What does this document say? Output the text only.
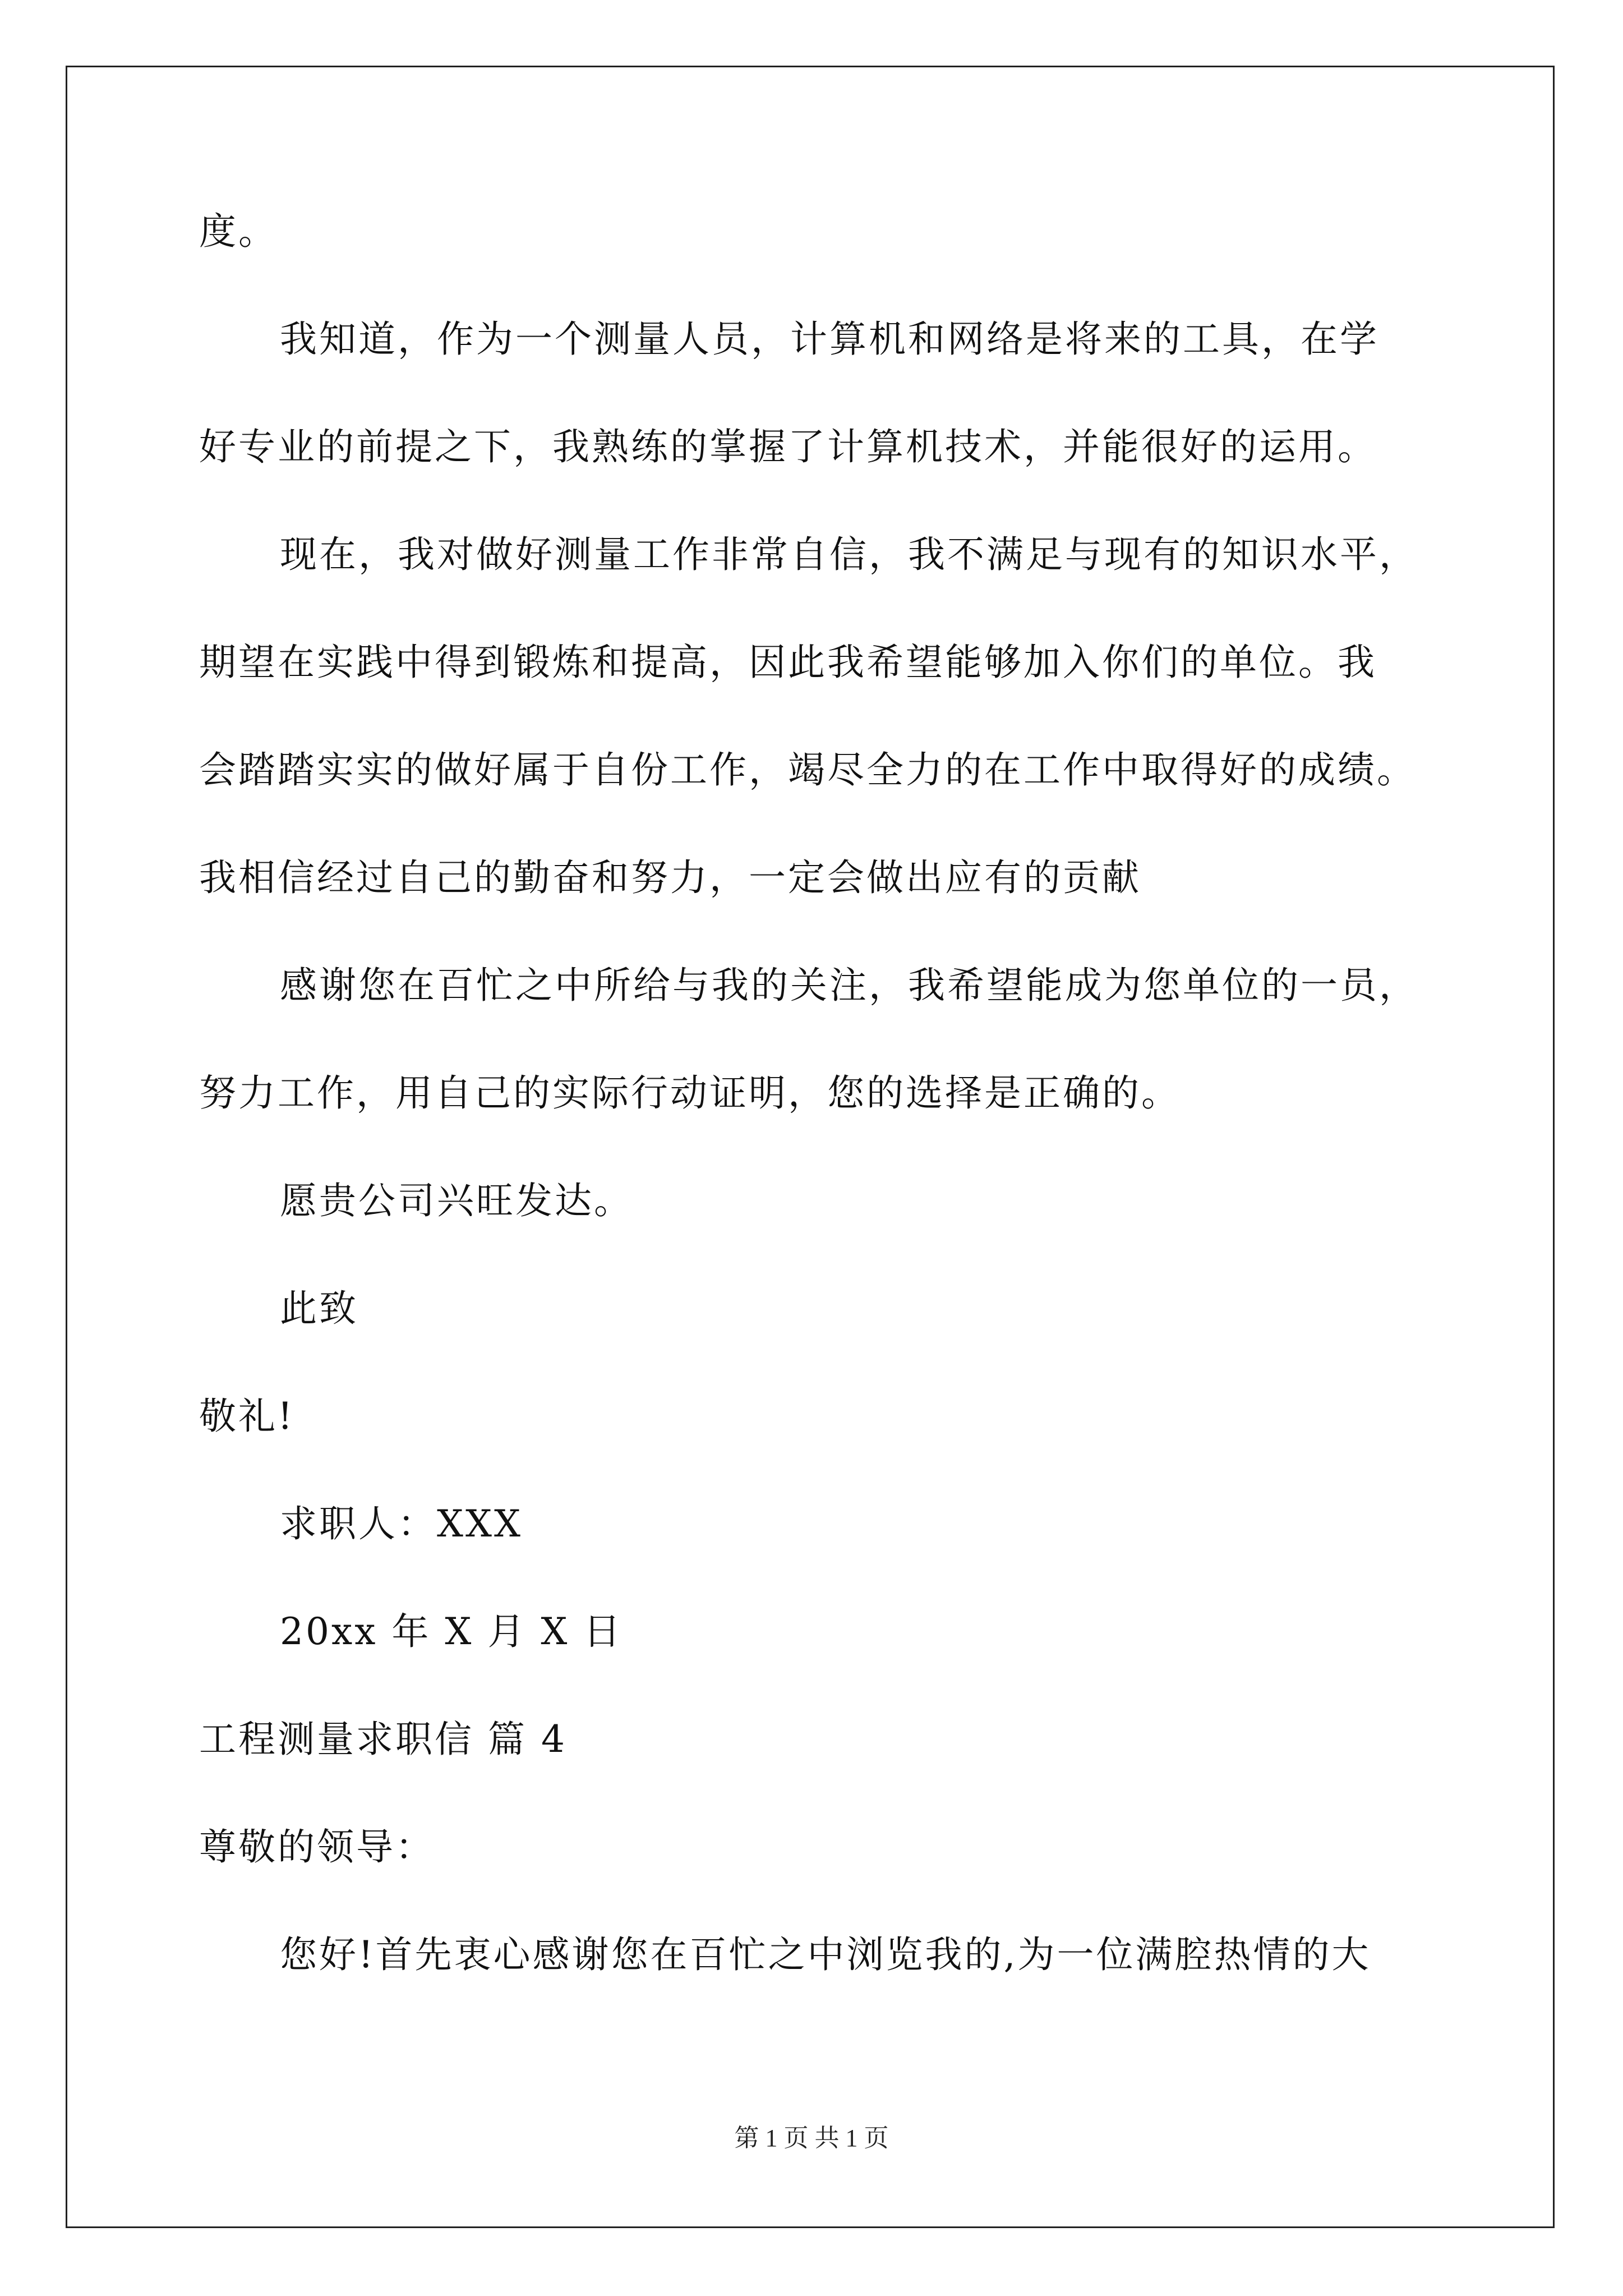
度。
我知道，作为一个测量人员，计算机和网络是将来的工具，在学
好专业的前提之下，我熟练的掌握了计算机技术，并能很好的运用。
现在，我对做好测量工作非常自信，我不满足与现有的知识水平，
期望在实践中得到锻炼和提高，因此我希望能够加入你们的单位。我
会踏踏实实的做好属于自份工作，竭尽全力的在工作中取得好的成绩。
我相信经过自己的勤奋和努力，一定会做出应有的贡献
感谢您在百忙之中所给与我的关注，我希望能成为您单位的一员，
努力工作，用自己的实际行动证明，您的选择是正确的。
愿贵公司兴旺发达。
此致
敬礼!
求职人：XXX
20xx 年 X 月 X 日
工程测量求职信 篇 4
尊敬的领导：
您好!首先衷心感谢您在百忙之中浏览我的,为一位满腔热情的大
第 1 页 共 1 页
